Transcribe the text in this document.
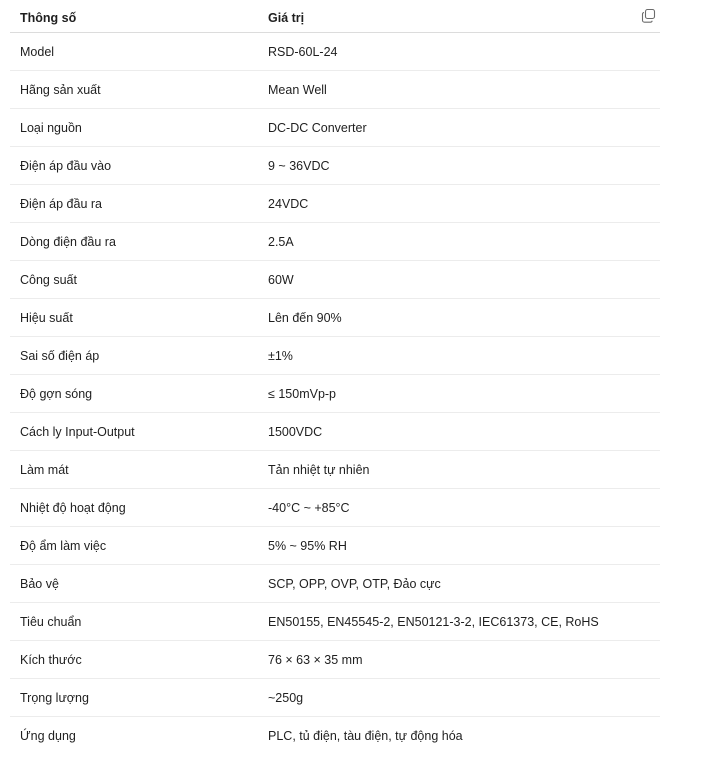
Thông số	Giá trị
Model	RSD-60L-24
Hãng sản xuất	Mean Well
Loại nguồn	DC-DC Converter
Điện áp đầu vào	9 ~ 36VDC
Điện áp đầu ra	24VDC
Dòng điện đầu ra	2.5A
Công suất	60W
Hiệu suất	Lên đến 90%
Sai số điện áp	±1%
Độ gợn sóng	≤ 150mVp-p
Cách ly Input-Output	1500VDC
Làm mát	Tản nhiệt tự nhiên
Nhiệt độ hoạt động	-40°C ~ +85°C
Độ ẩm làm việc	5% ~ 95% RH
Bảo vệ	SCP, OPP, OVP, OTP, Đảo cực
Tiêu chuẩn	EN50155, EN45545-2, EN50121-3-2, IEC61373, CE, RoHS
Kích thước	76 × 63 × 35 mm
Trọng lượng	~250g
Ứng dụng	PLC, tủ điện, tàu điện, tự động hóa
